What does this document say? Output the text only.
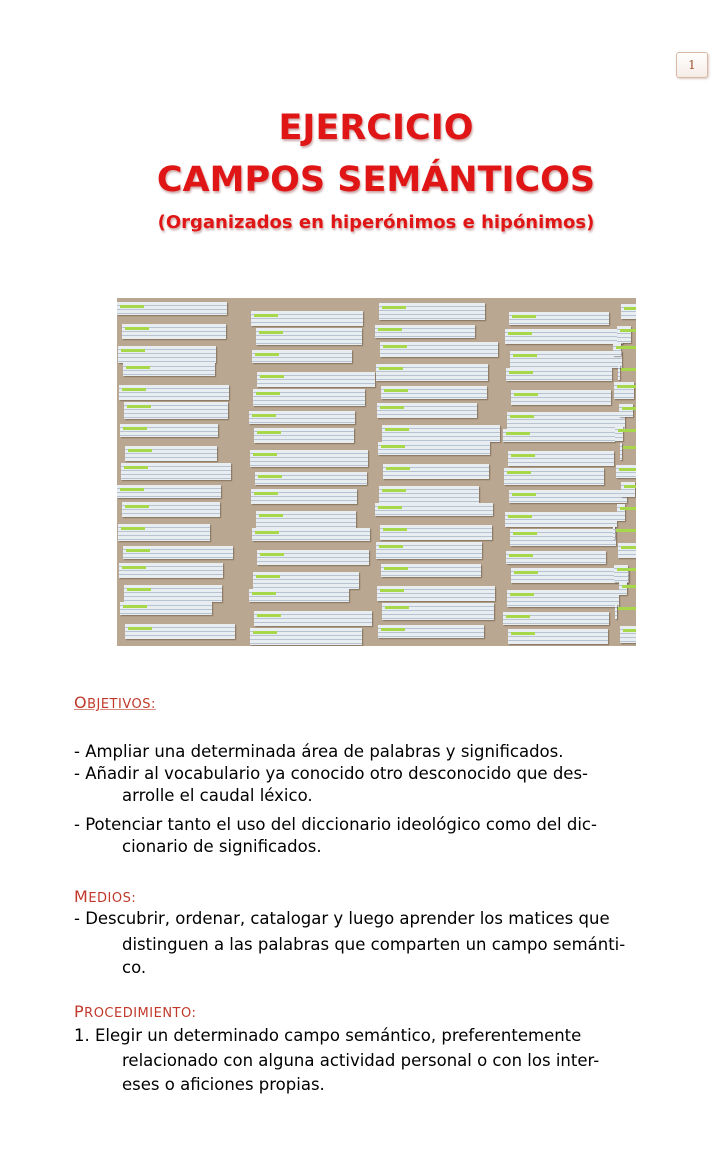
1
EJERCICIO
CAMPOS SEMÁNTICOS
(Organizados en hiperónimos e hipónimos)
OBJETIVOS:
- Ampliar una determinada área de palabras y significados.
- Añadir al vocabulario ya conocido otro desconocido que des-
arrolle el caudal léxico.
- Potenciar tanto el uso del diccionario ideológico como del dic-
cionario de significados.
MEDIOS:
- Descubrir, ordenar, catalogar y luego aprender los matices que
distinguen a las palabras que comparten un campo semánti-
co.
PROCEDIMIENTO:
1. Elegir un determinado campo semántico, preferentemente
relacionado con alguna actividad personal o con los inter-
eses o aficiones propias.
